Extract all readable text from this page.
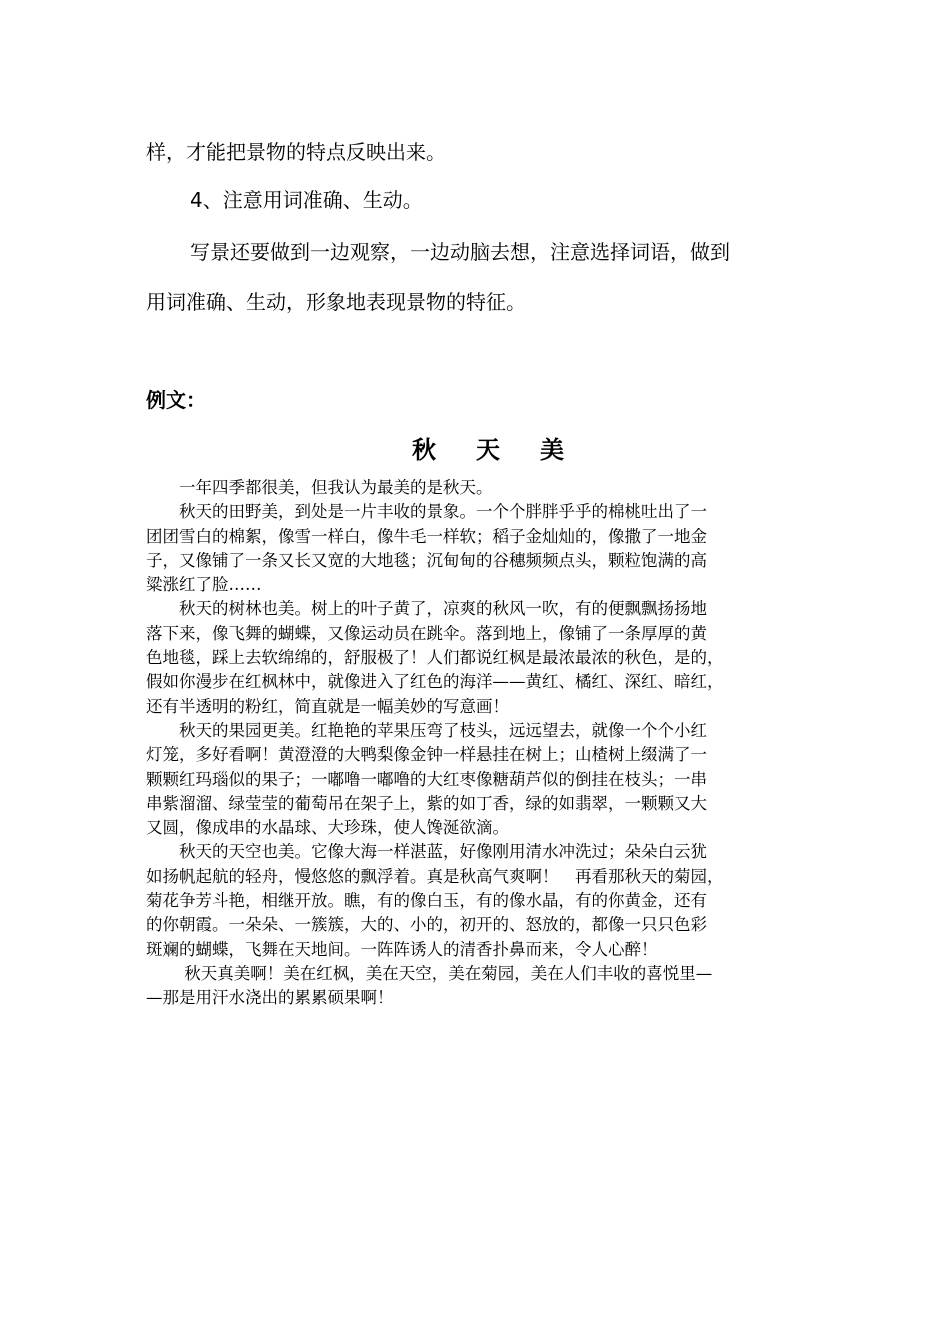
样，才能把景物的特点反映出来。
4、注意用词准确、生动。
写景还要做到一边观察，一边动脑去想，注意选择词语，做到
用词准确、生动，形象地表现景物的特征。
例文：
秋天美
　　一年四季都很美，但我认为最美的是秋天。
　　秋天的田野美，到处是一片丰收的景象。一个个胖胖乎乎的棉桃吐出了一
团团雪白的棉絮，像雪一样白，像牛毛一样软；稻子金灿灿的，像撒了一地金
子，又像铺了一条又长又宽的大地毯；沉甸甸的谷穗频频点头，颗粒饱满的高
粱涨红了脸……
　　秋天的树林也美。树上的叶子黄了，凉爽的秋风一吹，有的便飘飘扬扬地
落下来，像飞舞的蝴蝶，又像运动员在跳伞。落到地上，像铺了一条厚厚的黄
色地毯，踩上去软绵绵的，舒服极了！人们都说红枫是最浓最浓的秋色，是的，
假如你漫步在红枫林中，就像进入了红色的海洋——黄红、橘红、深红、暗红，
还有半透明的粉红，简直就是一幅美妙的写意画！
　　秋天的果园更美。红艳艳的苹果压弯了枝头，远远望去，就像一个个小红
灯笼，多好看啊！黄澄澄的大鸭梨像金钟一样悬挂在树上；山楂树上缀满了一
颗颗红玛瑙似的果子；一嘟噜一嘟噜的大红枣像糖葫芦似的倒挂在枝头；一串
串紫溜溜、绿莹莹的葡萄吊在架子上，紫的如丁香，绿的如翡翠，一颗颗又大
又圆，像成串的水晶球、大珍珠，使人馋涎欲滴。
　　秋天的天空也美。它像大海一样湛蓝，好像刚用清水冲洗过；朵朵白云犹
如扬帆起航的轻舟，慢悠悠的飘浮着。真是秋高气爽啊！　再看那秋天的菊园，
菊花争芳斗艳，相继开放。瞧，有的像白玉，有的像水晶，有的你黄金，还有
的你朝霞。一朵朵、一簇簇，大的、小的，初开的、怒放的，都像一只只色彩
斑斓的蝴蝶，飞舞在天地间。一阵阵诱人的清香扑鼻而来，令人心醉！
　　 秋天真美啊！美在红枫，美在天空，美在菊园，美在人们丰收的喜悦里—
—那是用汗水浇出的累累硕果啊！
